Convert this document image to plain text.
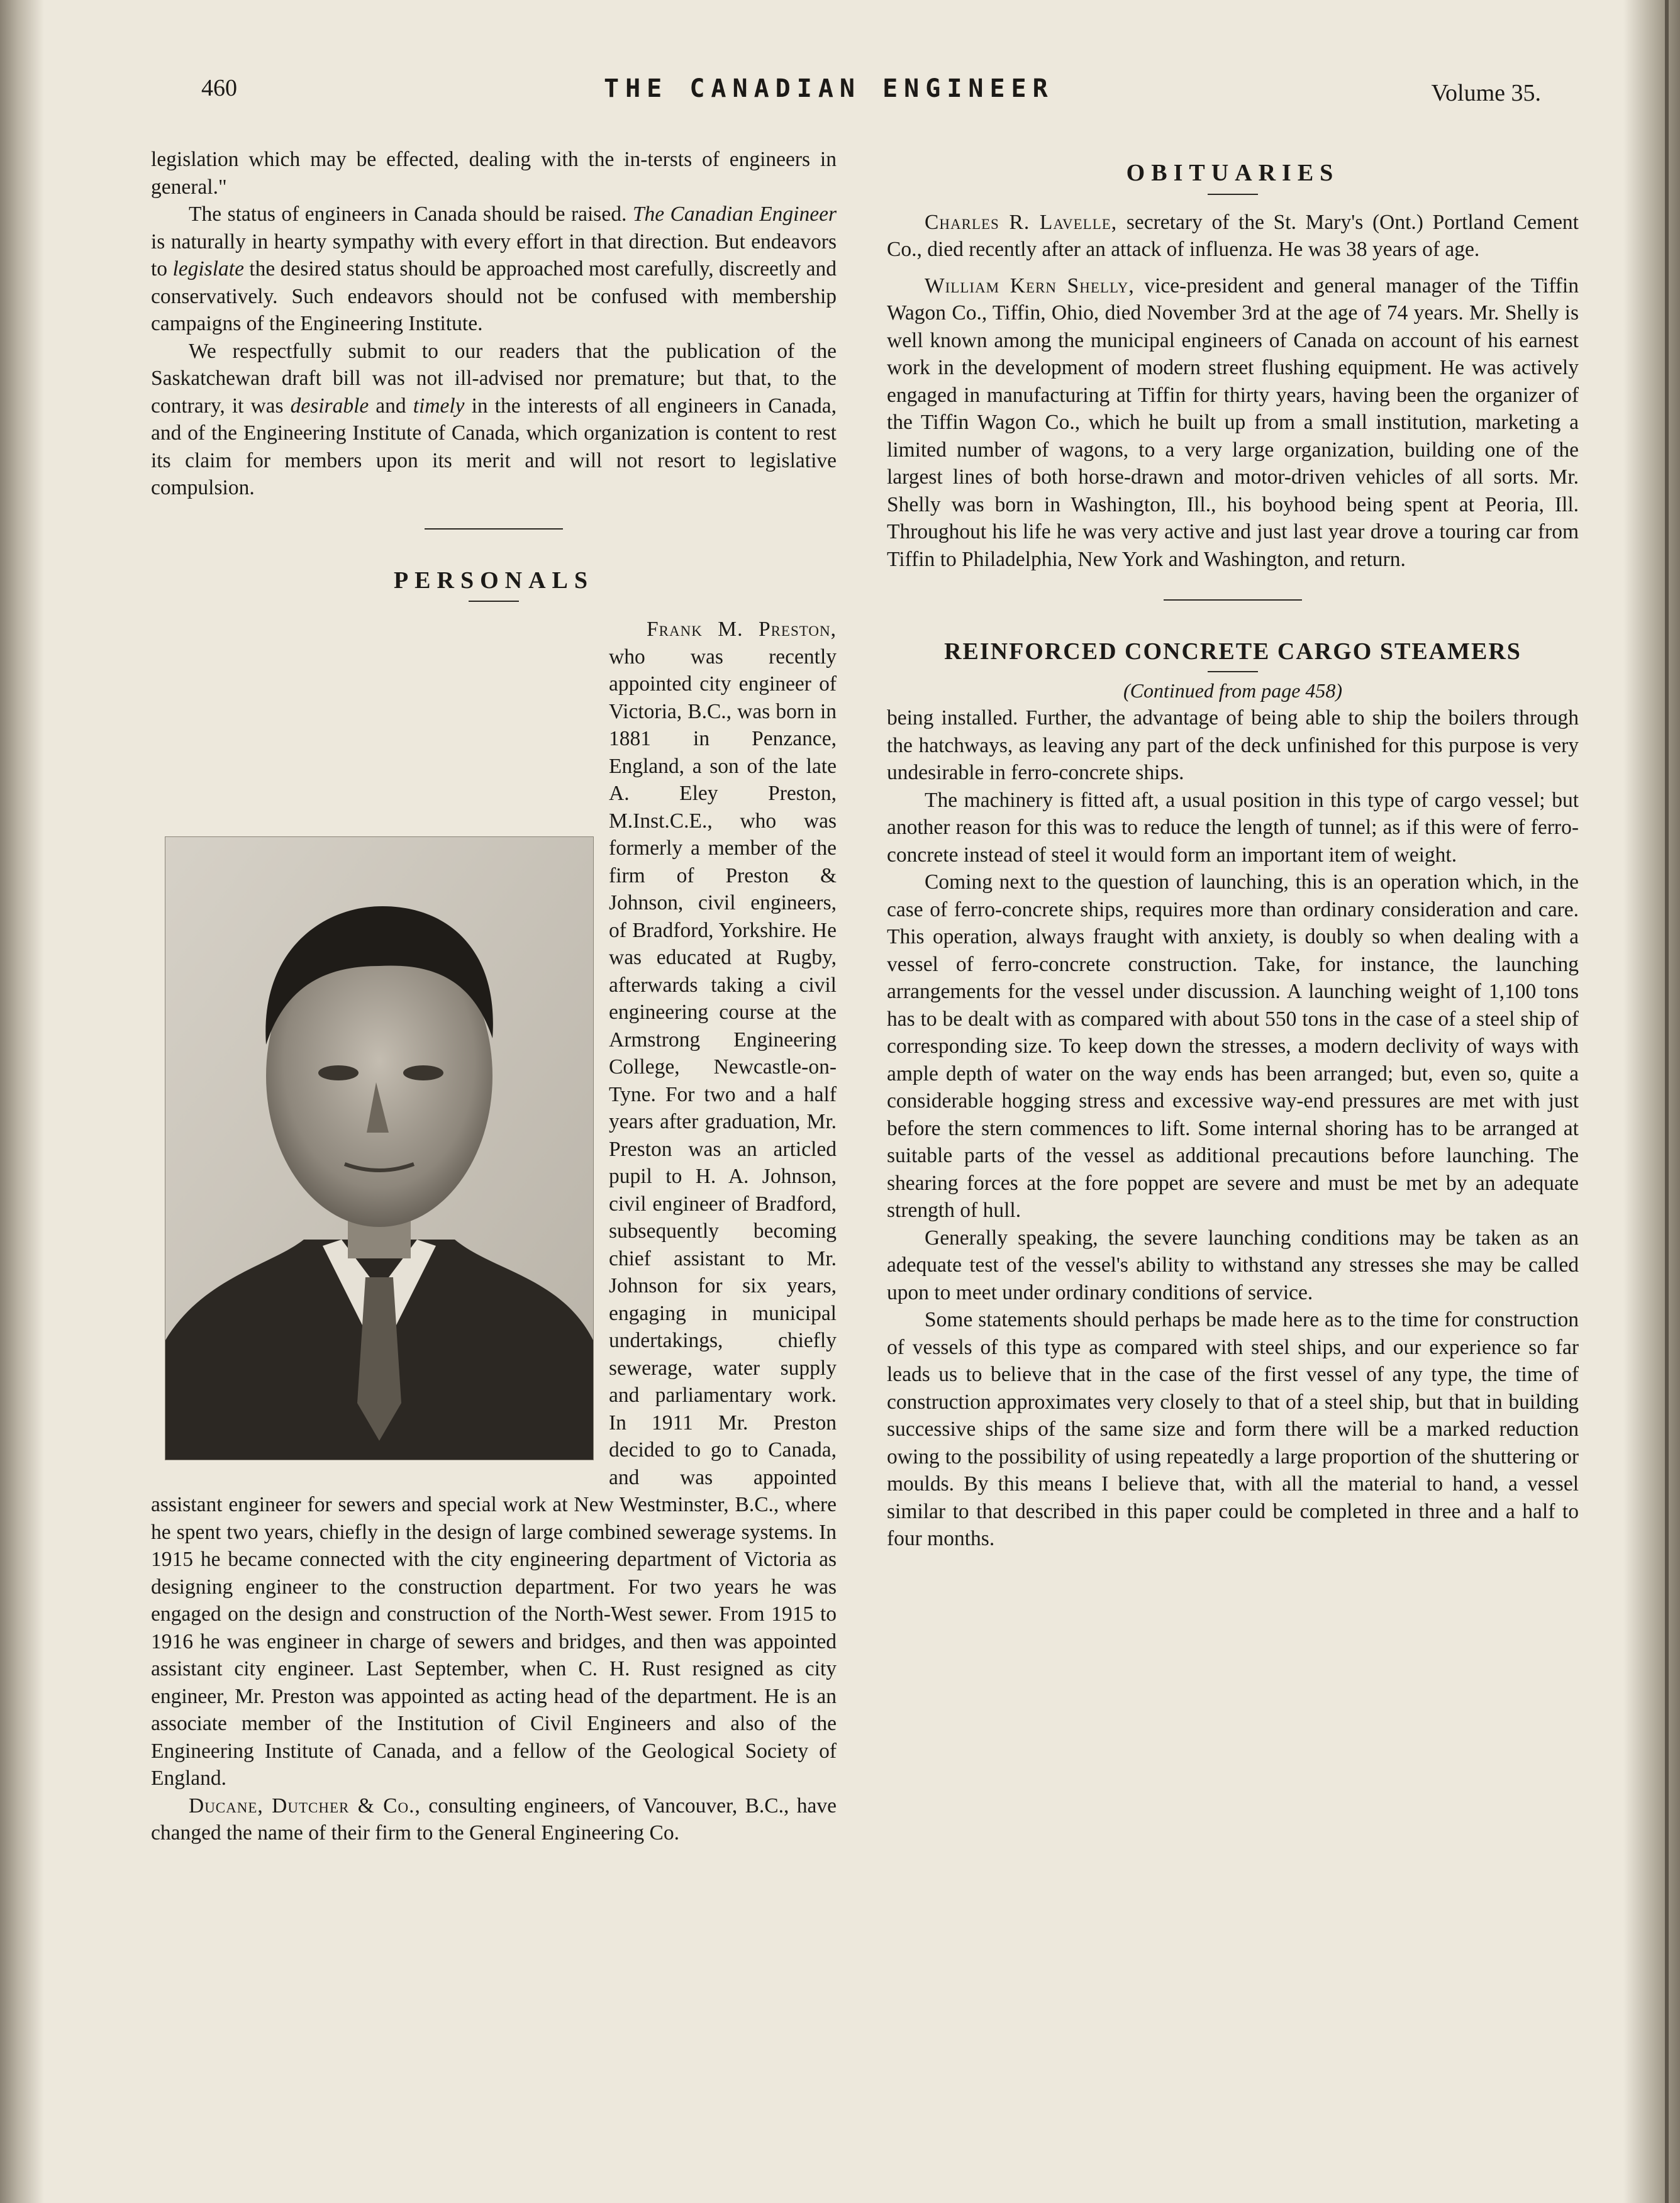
460	THE CANADIAN ENGINEER	Volume 35.

legislation which may be effected, dealing with the in-tersts of engineers in general."

The status of engineers in Canada should be raised. The Canadian Engineer is naturally in hearty sympathy with every effort in that direction. But endeavors to legislate the desired status should be approached most carefully, discreetly and conservatively. Such endeavors should not be confused with membership campaigns of the Engineering Institute.

We respectfully submit to our readers that the publication of the Saskatchewan draft bill was not ill-advised nor premature; but that, to the contrary, it was desirable and timely in the interests of all engineers in Canada, and of the Engineering Institute of Canada, which organization is content to rest its claim for members upon its merit and will not resort to legislative compulsion.

PERSONALS

Frank M. Preston, who was recently appointed city engineer of Victoria, B.C., was born in 1881 in Penzance, England, a son of the late A. Eley Preston, M.Inst.C.E., who was formerly a member of the firm of Preston & Johnson, civil engineers, of Bradford, Yorkshire. He was educated at Rugby, afterwards taking a civil engineering course at the Armstrong Engineering College, Newcastle-on-Tyne. For two and a half years after graduation, Mr. Preston was an articled pupil to H. A. Johnson, civil engineer of Bradford, subsequently becoming chief assistant to Mr. Johnson for six years, engaging in municipal undertakings, chiefly sewerage, water supply and parliamentary work. In 1911 Mr. Preston decided to go to Canada, and was appointed assistant engineer for sewers and special work at New Westminster, B.C., where he spent two years, chiefly in the design of large combined sewerage systems. In 1915 he became connected with the city engineering department of Victoria as designing engineer to the construction department. For two years he was engaged on the design and construction of the North-West sewer. From 1915 to 1916 he was engineer in charge of sewers and bridges, and then was appointed assistant city engineer. Last September, when C. H. Rust resigned as city engineer, Mr. Preston was appointed as acting head of the department. He is an associate member of the Institution of Civil Engineers and also of the Engineering Institute of Canada, and a fellow of the Geological Society of England.

Ducane, Dutcher & Co., consulting engineers, of Vancouver, B.C., have changed the name of their firm to the General Engineering Co.

OBITUARIES

Charles R. Lavelle, secretary of the St. Mary's (Ont.) Portland Cement Co., died recently after an attack of influenza. He was 38 years of age.

William Kern Shelly, vice-president and general manager of the Tiffin Wagon Co., Tiffin, Ohio, died November 3rd at the age of 74 years. Mr. Shelly is well known among the municipal engineers of Canada on account of his earnest work in the development of modern street flushing equipment. He was actively engaged in manufacturing at Tiffin for thirty years, having been the organizer of the Tiffin Wagon Co., which he built up from a small institution, marketing a limited number of wagons, to a very large organization, building one of the largest lines of both horse-drawn and motor-driven vehicles of all sorts. Mr. Shelly was born in Washington, Ill., his boyhood being spent at Peoria, Ill. Throughout his life he was very active and just last year drove a touring car from Tiffin to Philadelphia, New York and Washington, and return.

REINFORCED CONCRETE CARGO STEAMERS

(Continued from page 458)

being installed. Further, the advantage of being able to ship the boilers through the hatchways, as leaving any part of the deck unfinished for this purpose is very undesirable in ferro-concrete ships.

The machinery is fitted aft, a usual position in this type of cargo vessel; but another reason for this was to reduce the length of tunnel; as if this were of ferro-concrete instead of steel it would form an important item of weight.

Coming next to the question of launching, this is an operation which, in the case of ferro-concrete ships, requires more than ordinary consideration and care. This operation, always fraught with anxiety, is doubly so when dealing with a vessel of ferro-concrete construction. Take, for instance, the launching arrangements for the vessel under discussion. A launching weight of 1,100 tons has to be dealt with as compared with about 550 tons in the case of a steel ship of corresponding size. To keep down the stresses, a modern declivity of ways with ample depth of water on the way ends has been arranged; but, even so, quite a considerable hogging stress and excessive way-end pressures are met with just before the stern commences to lift. Some internal shoring has to be arranged at suitable parts of the vessel as additional precautions before launching. The shearing forces at the fore poppet are severe and must be met by an adequate strength of hull.

Generally speaking, the severe launching conditions may be taken as an adequate test of the vessel's ability to withstand any stresses she may be called upon to meet under ordinary conditions of service.

Some statements should perhaps be made here as to the time for construction of vessels of this type as compared with steel ships, and our experience so far leads us to believe that in the case of the first vessel of any type, the time of construction approximates very closely to that of a steel ship, but that in building successive ships of the same size and form there will be a marked reduction owing to the possibility of using repeatedly a large proportion of the shuttering or moulds. By this means I believe that, with all the material to hand, a vessel similar to that described in this paper could be completed in three and a half to four months.
